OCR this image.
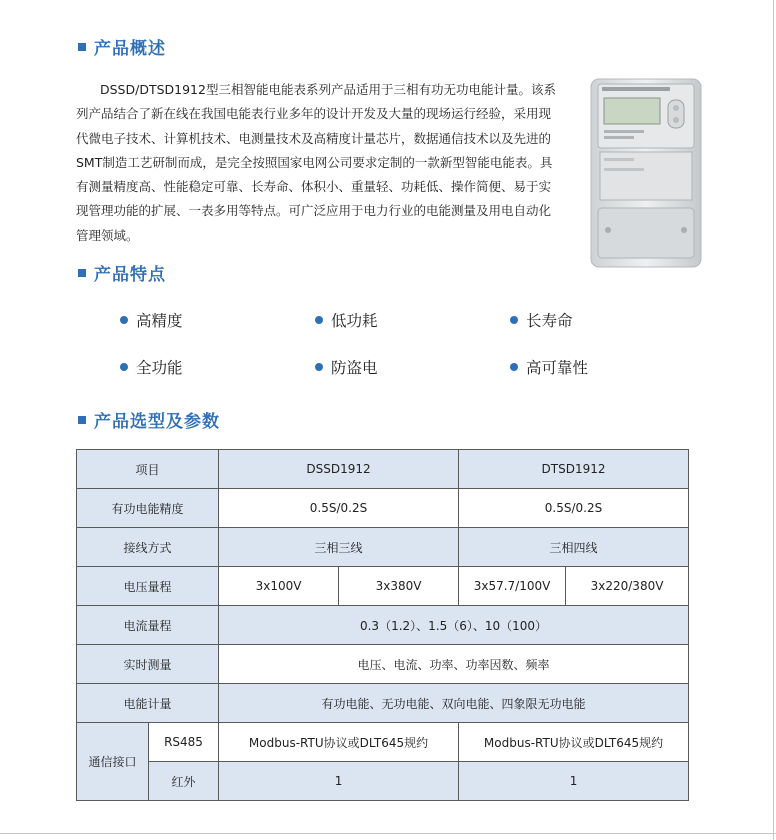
产品概述

DSSD/DTSD1912型三相智能电能表系列产品适用于三相有功无功电能计量。该系列产品结合了新在线在我国电能表行业多年的设计开发及大量的现场运行经验，采用现代微电子技术、计算机技术、电测量技术及高精度计量芯片，数据通信技术以及先进的SMT制造工艺研制而成，是完全按照国家电网公司要求定制的一款新型智能电能表。具有测量精度高、性能稳定可靠、长寿命、体积小、重量轻、功耗低、操作简便、易于实现管理功能的扩展、一表多用等特点。可广泛应用于电力行业的电能测量及用电自动化管理领域。

产品特点
高精度	低功耗	长寿命
全功能	防盗电	高可靠性
产品选型及参数
项目		DSSD1912		DTSD1912	
有功电能精度		0.5S/0.2S		0.5S/0.2S	
接线方式		三相三线		三相四线	
电压量程		3x100V	3x380V	3x57.7/100V	3x220/380V
电流量程		0.3（1.2）、1.5（6）、10（100）			
实时测量		电压、电流、功率、功率因数、频率			
电能计量		有功电能、无功电能、双向电能、四象限无功电能			
通信接口	RS485	Modbus-RTU协议或DLT645规约		Modbus-RTU协议或DLT645规约	
	红外	1		1	
